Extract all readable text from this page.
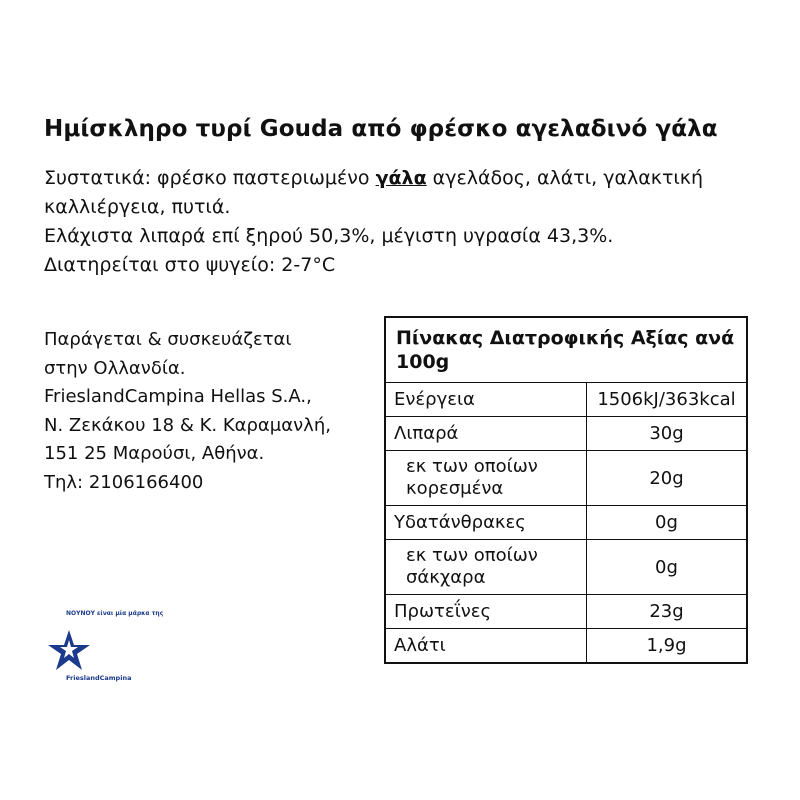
Ημίσκληρο τυρί Gouda από φρέσκο αγελαδινό γάλα

Συστατικά: φρέσκο παστεριωμένο γάλα αγελάδος, αλάτι, γαλακτική καλλιέργεια, πυτιά.

Ελάχιστα λιπαρά επί ξηρού 50,3%, μέγιστη υγρασία 43,3%.

Διατηρείται στο ψυγείο: 2-7°C

Παράγεται & συσκευάζεται
στην Ολλανδία.
FrieslandCampina Hellas S.A.,
Ν. Ζεκάκου 18 & Κ. Καραμανλή,
151 25 Μαρούσι, Αθήνα.
Τηλ: 2106166400
Πίνακας Διατροφικής Αξίας ανά 100g
Ενέργεια	1506kJ/363kcal
Λιπαρά	30g
εκ των οποίων κορεσμένα	20g
Υδατάνθρακες	0g
εκ των οποίων σάκχαρα	0g
Πρωτεΐνες	23g
Αλάτι	1,9g
ΝΟΥΝΟΥ είναι μία μάρκα της
FrieslandCampina
